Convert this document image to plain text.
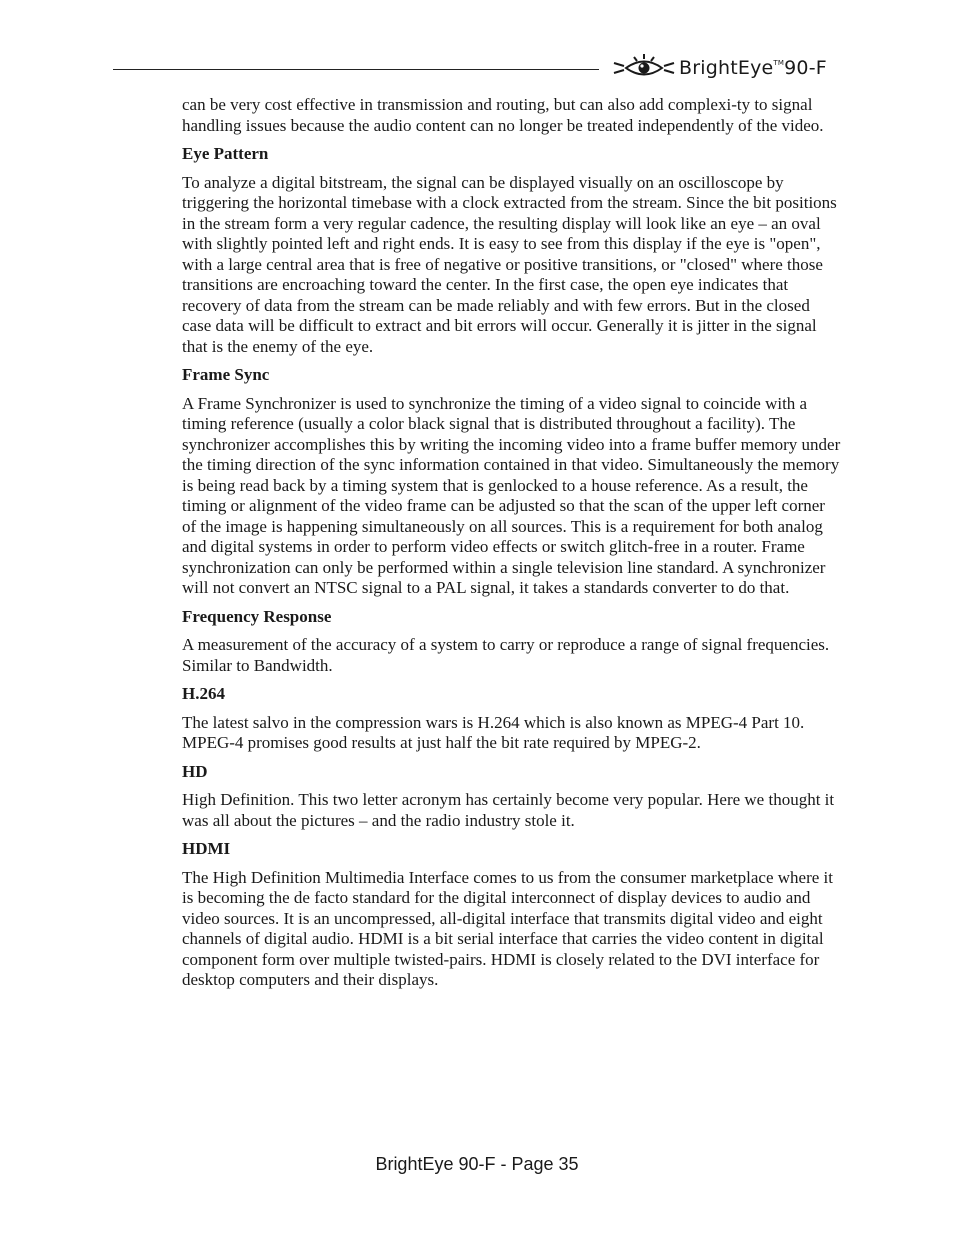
BrightEye™90-F

can be very cost effective in transmission and routing, but can also add complexi-ty to signal handling issues because the audio content can no longer be treated independently of the video.

Eye Pattern

To analyze a digital bitstream, the signal can be displayed visually on an oscilloscope by triggering the horizontal timebase with a clock extracted from the stream. Since the bit positions in the stream form a very regular cadence, the resulting display will look like an eye – an oval with slightly pointed left and right ends. It is easy to see from this display if the eye is "open", with a large central area that is free of negative or positive transitions, or "closed" where those transitions are encroaching toward the center. In the first case, the open eye indicates that recovery of data from the stream can be made reliably and with few errors. But in the closed case data will be difficult to extract and bit errors will occur. Generally it is jitter in the signal that is the enemy of the eye.

Frame Sync

A Frame Synchronizer is used to synchronize the timing of a video signal to coincide with a timing reference (usually a color black signal that is distributed throughout a facility). The synchronizer accomplishes this by writing the incoming video into a frame buffer memory under the timing direction of the sync information contained in that video. Simultaneously the memory is being read back by a timing system that is genlocked to a house reference. As a result, the timing or alignment of the video frame can be adjusted so that the scan of the upper left corner of the image is happening simultaneously on all sources. This is a requirement for both analog and digital systems in order to perform video effects or switch glitch-free in a router. Frame synchronization can only be performed within a single television line standard. A synchronizer will not convert an NTSC signal to a PAL signal, it takes a standards converter to do that.

Frequency Response

A measurement of the accuracy of a system to carry or reproduce a range of signal frequencies. Similar to Bandwidth.

H.264

The latest salvo in the compression wars is H.264 which is also known as MPEG-4 Part 10. MPEG-4 promises good results at just half the bit rate required by MPEG-2.

HD

High Definition. This two letter acronym has certainly become very popular. Here we thought it was all about the pictures – and the radio industry stole it.

HDMI

The High Definition Multimedia Interface comes to us from the consumer marketplace where it is becoming the de facto standard for the digital interconnect of display devices to audio and video sources. It is an uncompressed, all-digital interface that transmits digital video and eight channels of digital audio. HDMI is a bit serial interface that carries the video content in digital component form over multiple twisted-pairs. HDMI is closely related to the DVI interface for desktop computers and their displays.

BrightEye 90-F - Page 35
